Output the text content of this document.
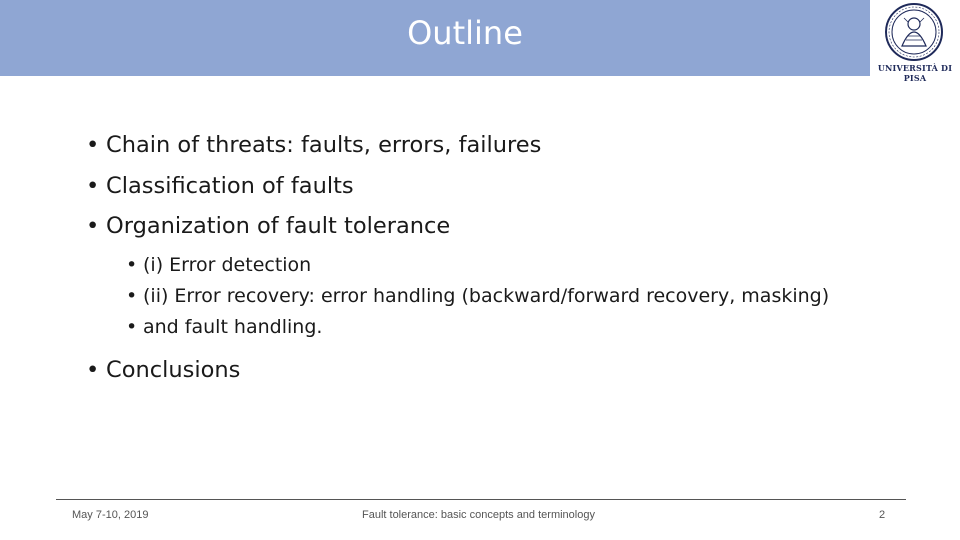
Outline
UNIVERSITÀ DI PISA
• Chain of threats: faults, errors, failures
• Classification of faults
• Organization of fault tolerance
• (i) Error detection
• (ii) Error recovery: error handling (backward/forward recovery, masking)
• and fault handling.
• Conclusions
May 7-10, 2019	Fault tolerance: basic concepts and terminology	2
